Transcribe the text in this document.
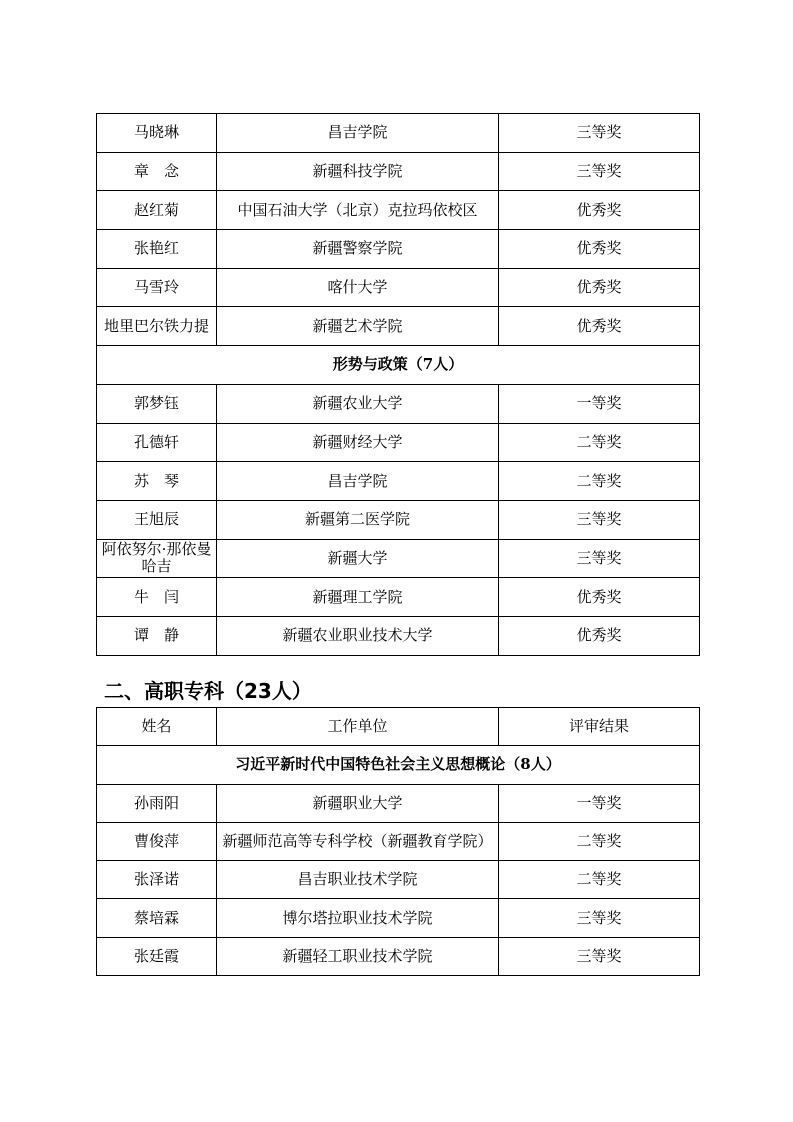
马晓琳	昌吉学院	三等奖
章　念	新疆科技学院	三等奖
赵红菊	中国石油大学（北京）克拉玛依校区	优秀奖
张艳红	新疆警察学院	优秀奖
马雪玲	喀什大学	优秀奖
地里巴尔铁力提	新疆艺术学院	优秀奖
形势与政策（7人）		
郭梦钰	新疆农业大学	一等奖
孔德轩	新疆财经大学	二等奖
苏　琴	昌吉学院	二等奖
王旭辰	新疆第二医学院	三等奖
阿依努尔·那依曼哈吉	新疆大学	三等奖
牛　闫	新疆理工学院	优秀奖
谭　静	新疆农业职业技术大学	优秀奖
二、高职专科（23人）
姓名	工作单位	评审结果
习近平新时代中国特色社会主义思想概论（8人）		
孙雨阳	新疆职业大学	一等奖
曹俊萍	新疆师范高等专科学校（新疆教育学院）	二等奖
张泽诺	昌吉职业技术学院	二等奖
蔡培霖	博尔塔拉职业技术学院	三等奖
张廷霞	新疆轻工职业技术学院	三等奖
